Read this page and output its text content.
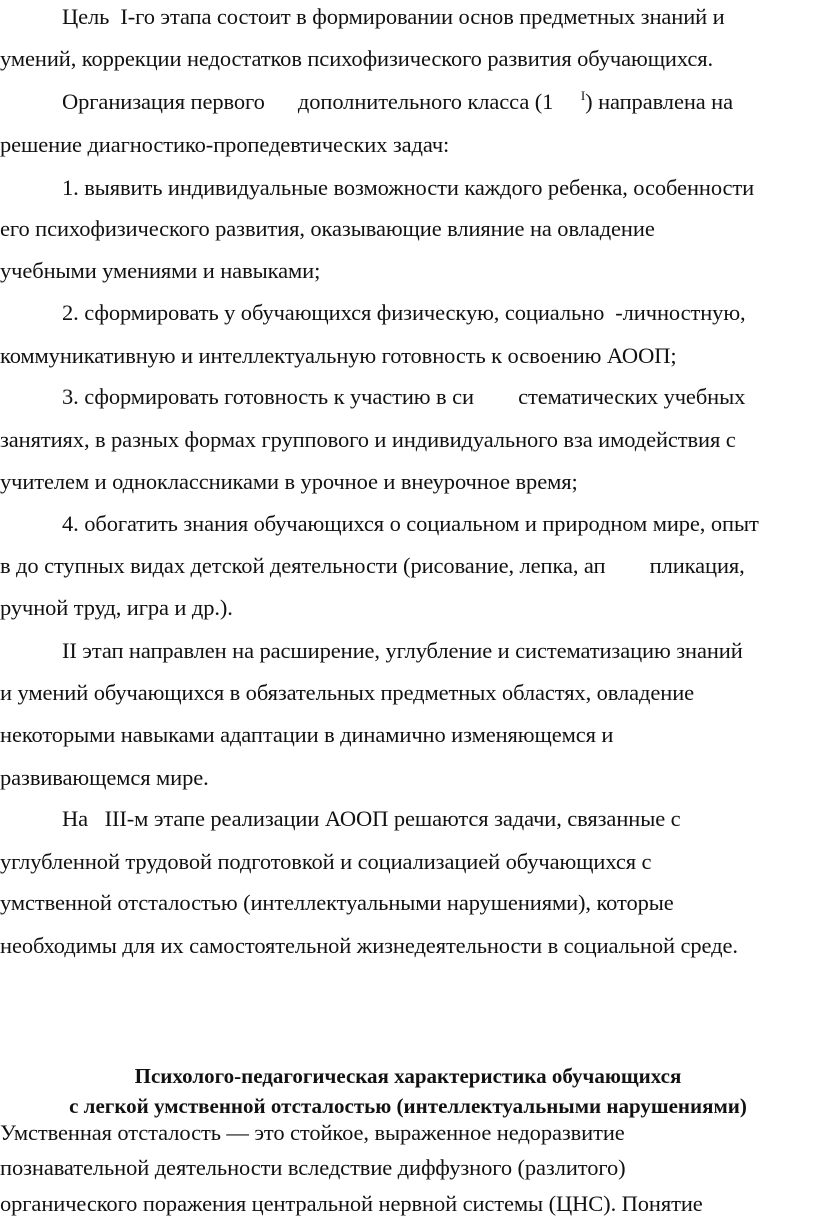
Цель  I-го этапа состоит в формировании основ предметных знаний и
умений, коррекции недостатков психофизического развития обучающихся.
Организация первого      дополнительного класса (1     $^I$) направлена на
решение диагностико-пропедевтических задач:
1. выявить индивидуальные возможности каждого ребенка, особенности
его психофизического развития, оказывающие влияние на овладение
учебными умениями и навыками;
2. сформировать у обучающихся физическую, социально  -личностную,
коммуникативную и интеллектуальную готовность к освоению АООП;
3. сформировать готовность к участию в си        стематических учебных
занятиях, в разных формах группового и индивидуального вза имодействия с
учителем и одноклассниками в урочное и внеурочное время;
4. обогатить знания обучающихся о социальном и природном мире, опыт
в до ступных видах детской деятельности (рисование, лепка, ап        пликация,
ручной труд, игра и др.).
II этап направлен на расширение, углубление и систематизацию знаний
и умений обучающихся в обязательных предметных областях, овладение
некоторыми навыками адаптации в динамично изменяющемся и
развивающемся мире.
На   III-м этапе реализации АООП решаются задачи, связанные с
углубленной трудовой подготовкой и социализацией обучающихся с
умственной отсталостью (интеллектуальными нарушениями), которые
необходимы для их самостоятельной жизнедеятельности в социальной среде.
Психолого-педагогическая характеристика обучающихся
с легкой умственной отсталостью (интеллектуальными нарушениями)
Умственная отсталость — это стойкое, выраженное недоразвитие
познавательной деятельности вследствие диффузного (разлитого)
органического поражения центральной нервной системы (ЦНС). Понятие
